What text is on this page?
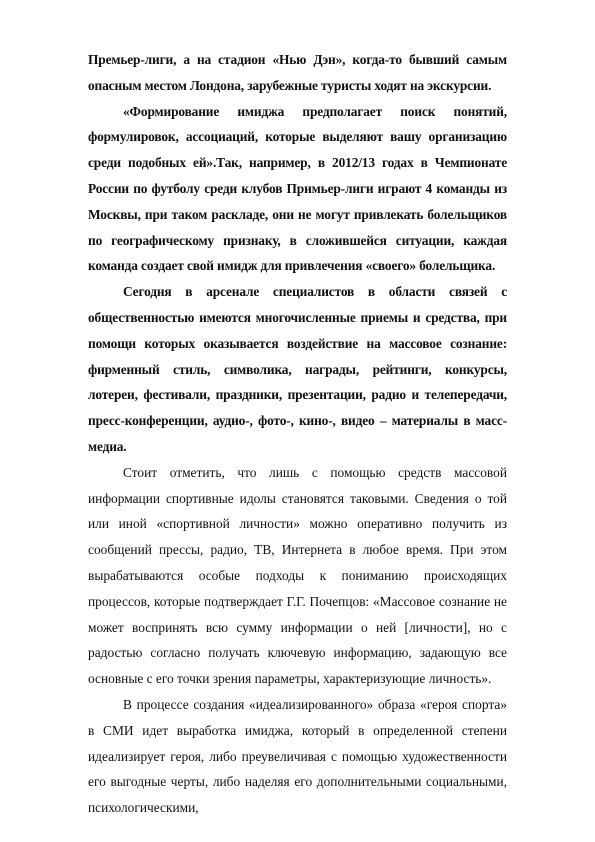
Премьер-лиги, а на стадион «Нью Дэн», когда-то бывший самым опасным местом Лондона, зарубежные туристы ходят на экскурсии.

«Формирование имиджа предполагает поиск понятий, формулировок, ассоциаций, которые выделяют вашу организацию среди подобных ей».Так, например, в 2012/13 годах в Чемпионате России по футболу среди клубов Примьер-лиги играют 4 команды из Москвы, при таком раскладе, они не могут привлекать болельщиков по географическому признаку, в сложившейся ситуации, каждая команда создает свой имидж для привлечения «своего» болельщика.

Сегодня в арсенале специалистов в области связей с общественностью имеются многочисленные приемы и средства, при помощи которых оказывается воздействие на массовое сознание: фирменный стиль, символика, награды, рейтинги, конкурсы, лотереи, фестивали, праздники, презентации, радио и телепередачи, пресс-конференции, аудио-, фото-, кино-, видео – материалы в масс-медиа.

Стоит отметить, что лишь с помощью средств массовой информации спортивные идолы становятся таковыми. Сведения о той или иной «спортивной личности» можно оперативно получить из сообщений прессы, радио, ТВ, Интернета в любое время. При этом вырабатываются особые подходы к пониманию происходящих процессов, которые подтверждает Г.Г. Почепцов: «Массовое сознание не может воспринять всю сумму информации о ней [личности], но с радостью согласно получать ключевую информацию, задающую все основные с его точки зрения параметры, характеризующие личность».

В процессе создания «идеализированного» образа «героя спорта» в СМИ идет выработка имиджа, который в определенной степени идеализирует героя, либо преувеличивая с помощью художественности его выгодные черты, либо наделяя его дополнительными социальными, психологическими,
